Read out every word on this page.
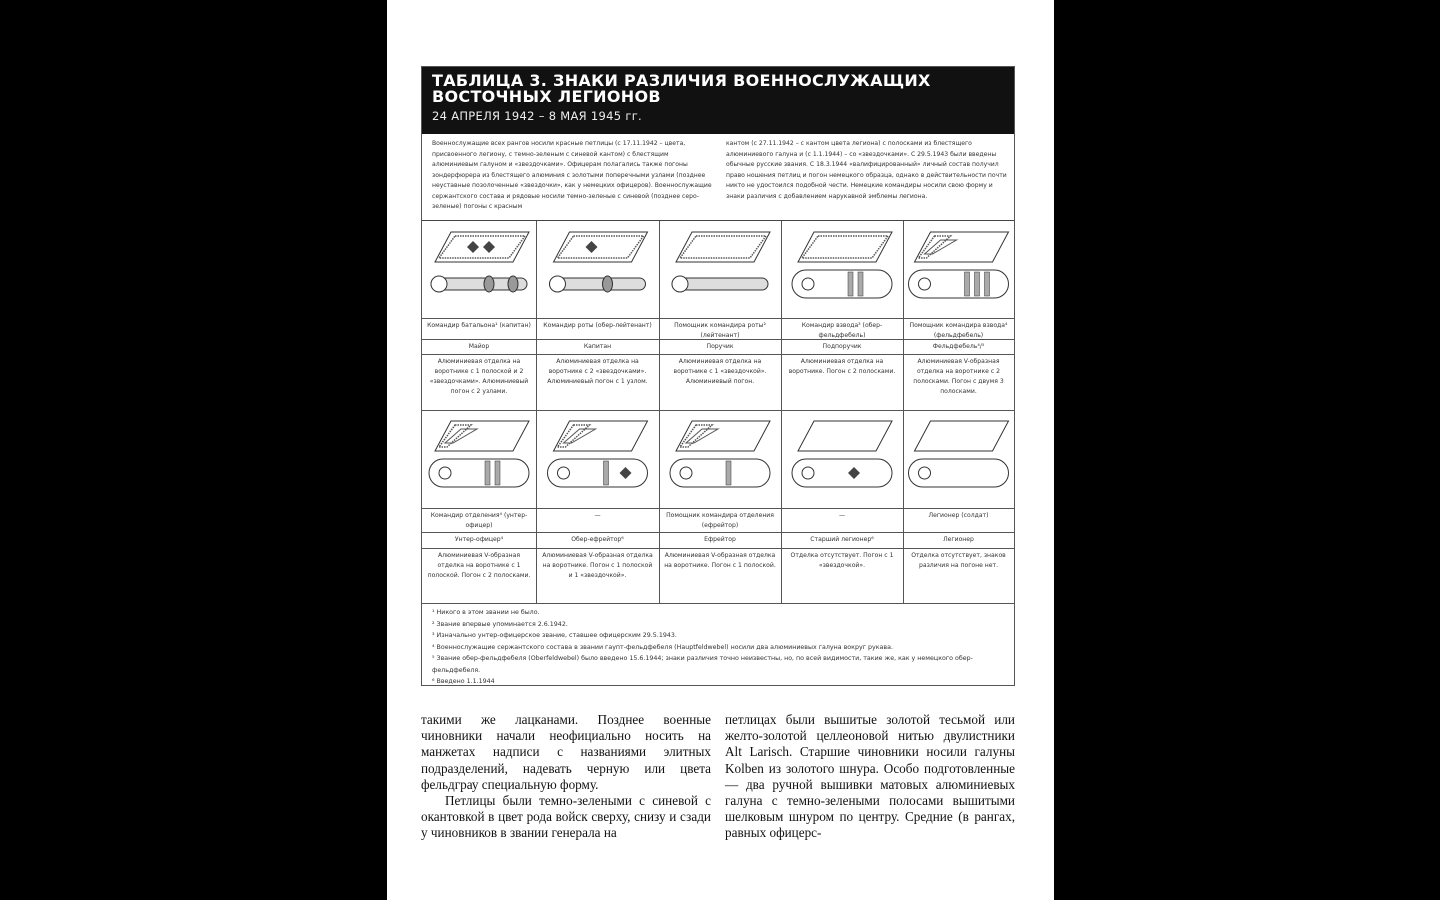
ТАБЛИЦА 3. ЗНАКИ РАЗЛИЧИЯ ВОЕННОСЛУЖАЩИХ ВОСТОЧНЫХ ЛЕГИОНОВ
24 АПРЕЛЯ 1942 – 8 МАЯ 1945 гг.
Военнослужащие всех рангов носили красные петлицы (с 17.11.1942 – цвета, присвоенного легиону, с темно-зеленым с синевой кантом) с блестящим алюминиевым галуном и «звездочками». Офицерам полагались также погоны зондерфюрера из блестящего алюминия с золотыми поперечными узлами (позднее неуставные позолоченные «звездочки», как у немецких офицеров). Военнослужащие сержантского состава и рядовые носили темно-зеленые с синевой (позднее серо-зеленые) погоны с красным
кантом (с 27.11.1942 – с кантом цвета легиона) с полосками из блестящего алюминиевого галуна и (с 1.1.1944) – со «звездочками». С 29.5.1943 были введены обычные русские звания. С 18.3.1944 «валифицированный» личный состав получил право ношения петлиц и погон немецкого образца, однако в действительности почти никто не удостоился подобной чести. Немецкие командиры носили свою форму и знаки различия с добавлением нарукавной эмблемы легиона.
Командир батальона¹ (капитан)
Майор
Алюминиевая отделка на воротнике с 1 полоской и 2 «звездочками». Алюминиевый погон с 2 узлами.
Командир отделения⁴ (унтер-офицер)
Унтер-офицер⁴
Алюминиевая V-образная отделка на воротнике с 1 полоской. Погон с 2 полосками.
Командир роты (обер-лейтенант)
Капитан
Алюминиевая отделка на воротнике с 2 «звездочками». Алюминиевый погон с 1 узлом.
—
Обер-ефрейтор⁶
Алюминиевая V-образная отделка на воротнике. Погон с 1 полоской и 1 «звездочкой».
Помощник командира роты² (лейтенант)
Поручик
Алюминиевая отделка на воротнике с 1 «звездочкой». Алюминиевый погон.
Помощник командира отделения (ефрейтор)
Ефрейтор
Алюминиевая V-образная отделка на воротнике. Погон с 1 полоской.
Командир взвода³ (обер-фельдфебель)
Подпоручик
Алюминиевая отделка на воротнике. Погон с 2 полосками.
—
Старший легионер⁶
Отделка отсутствует. Погон с 1 «звездочкой».
Помощник командира взвода⁴ (фельдфебель)
Фельдфебель⁴/⁵
Алюминиевая V-образная отделка на воротнике с 2 полосками. Погон с двумя 3 полосками.
Легионер (солдат)
Легионер
Отделка отсутствует, знаков различия на погоне нет.
¹ Никого в этом звании не было.
² Звание впервые упоминается 2.6.1942.
³ Изначально унтер-офицерское звание, ставшее офицерским 29.5.1943.
⁴ Военнослужащие сержантского состава в звании гаупт-фельдфебеля (Hauptfeldwebel) носили два алюминиевых галуна вокруг рукава.
⁵ Звание обер-фельдфебеля (Oberfeldwebel) было введено 15.6.1944; знаки различия точно неизвестны, но, по всей видимости, такие же, как у немецкого обер-фельдфебеля.
⁶ Введено 1.1.1944

такими же лацканами. Позднее военные чиновники начали неофициально носить на манжетах надписи с названиями элитных подразделений, надевать черную или цвета фельдграу специальную форму.

Петлицы были темно-зелеными с синевой с окантовкой в цвет рода войск сверху, снизу и сзади у чиновников в звании генерала на

петлицах были вышитые золотой тесьмой или желто-золотой целлеоновой нитью двулистники Alt Larisch. Старшие чиновники носили галуны Kolben из золотого шнура. Особо подготовленные — два ручной вышивки матовых алюминиевых галуна с темно-зелеными полосами вышитыми шелковым шнуром по центру. Средние (в рангах, равных офицерс-
